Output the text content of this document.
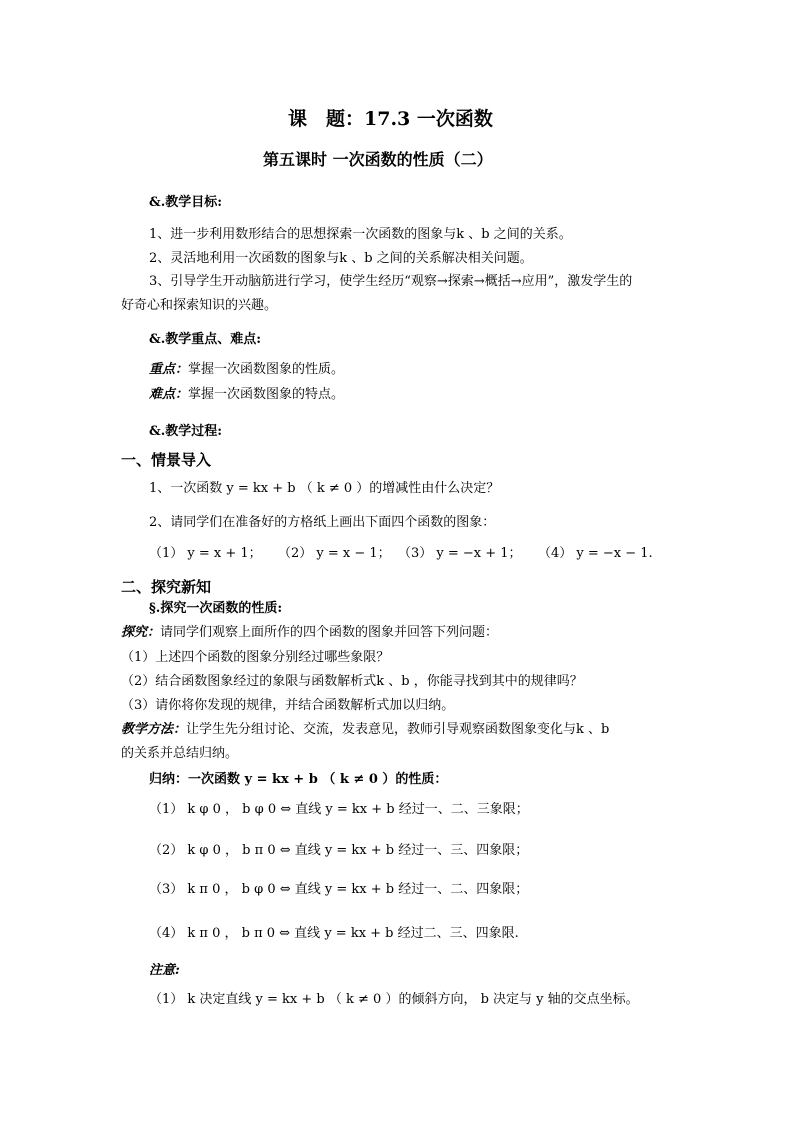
课　题：17.3 一次函数
第五课时 一次函数的性质（二）
&.教学目标:
1、进一步利用数形结合的思想探索一次函数的图象与k 、b 之间的关系。
2、灵活地利用一次函数的图象与k 、b 之间的关系解决相关问题。
3、引导学生开动脑筋进行学习，使学生经历“观察→探索→概括→应用”，激发学生的
好奇心和探索知识的兴趣。
&.教学重点、难点:
重点：掌握一次函数图象的性质。
难点：掌握一次函数图象的特点。
&.教学过程:
一、情景导入
1、一次函数 y = kx + b （ k ≠ 0 ）的增减性由什么决定？
2、请同学们在准备好的方格纸上画出下面四个函数的图象：
（1） y = x + 1； （2） y = x − 1； （3） y = −x + 1； （4） y = −x − 1.
二、探究新知
§.探究一次函数的性质:
探究：请同学们观察上面所作的四个函数的图象并回答下列问题：
（1）上述四个函数的图象分别经过哪些象限？
（2）结合函数图象经过的象限与函数解析式k 、b ，你能寻找到其中的规律吗？
（3）请你将你发现的规律，并结合函数解析式加以归纳。
教学方法：让学生先分组讨论、交流，发表意见，教师引导观察函数图象变化与k 、b
的关系并总结归纳。
归纳：一次函数 y = kx + b （ k ≠ 0 ）的性质：
（1） k φ 0 ， b φ 0 ⇔ 直线 y = kx + b 经过一、二、三象限；
（2） k φ 0 ， b π 0 ⇔ 直线 y = kx + b 经过一、三、四象限；
（3） k π 0 ， b φ 0 ⇔ 直线 y = kx + b 经过一、二、四象限；
（4） k π 0 ， b π 0 ⇔ 直线 y = kx + b 经过二、三、四象限.
注意:
（1） k 决定直线 y = kx + b （ k ≠ 0 ）的倾斜方向， b 决定与 y 轴的交点坐标。
